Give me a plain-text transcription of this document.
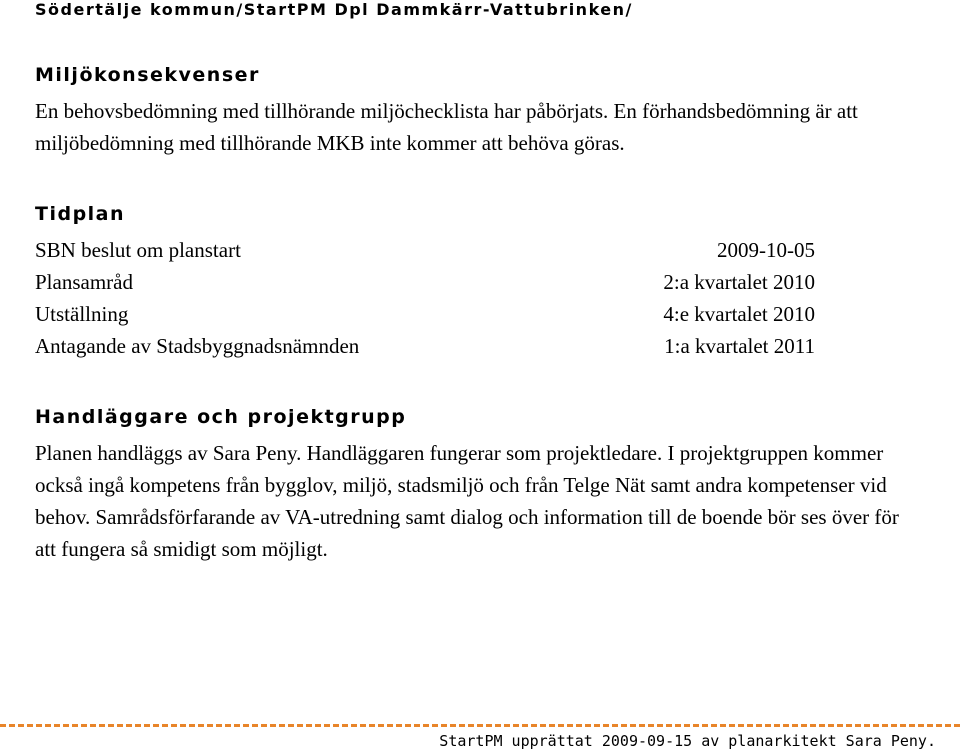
Södertälje kommun/StartPM Dpl Dammkärr-Vattubrinken/
Miljökonsekvenser

En behovsbedömning med tillhörande miljöchecklista har påbörjats. En förhandsbedömning är att miljöbedömning med tillhörande MKB inte kommer att behöva göras.

Tidplan
SBN beslut om planstart	2009-10-05
Plansamråd	2:a kvartalet 2010
Utställning	4:e kvartalet 2010
Antagande av Stadsbyggnadsnämnden	1:a kvartalet 2011
Handläggare och projektgrupp

Planen handläggs av Sara Peny. Handläggaren fungerar som projektledare. I projektgruppen kommer också ingå kompetens från bygglov, miljö, stadsmiljö och från Telge Nät samt andra kompetenser vid behov. Samrådsförfarande av VA-utredning samt dialog och information till de boende bör ses över för att fungera så smidigt som möjligt.

StartPM upprättat 2009-09-15 av planarkitekt Sara Peny.
